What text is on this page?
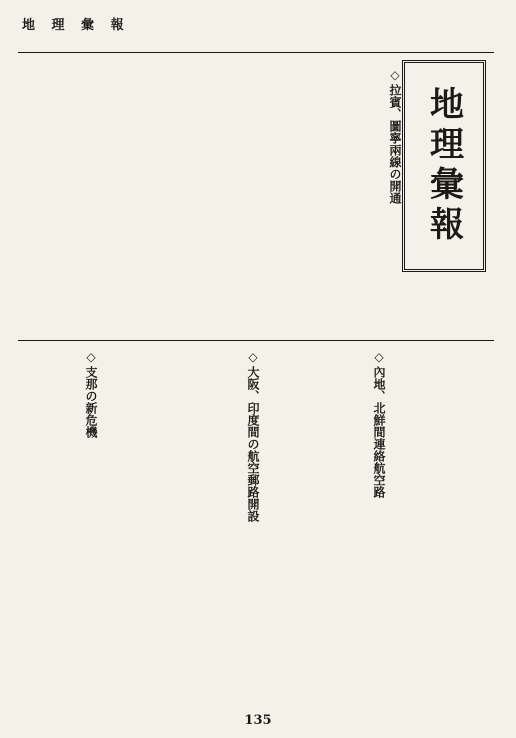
地 理 彙 報
地理彙報
◇拉賓、圖寧兩線の開通
◇內地、北鮮間連絡航空路
◇大阪、印度間の航空郵路開設
◇支那の新危機
135
